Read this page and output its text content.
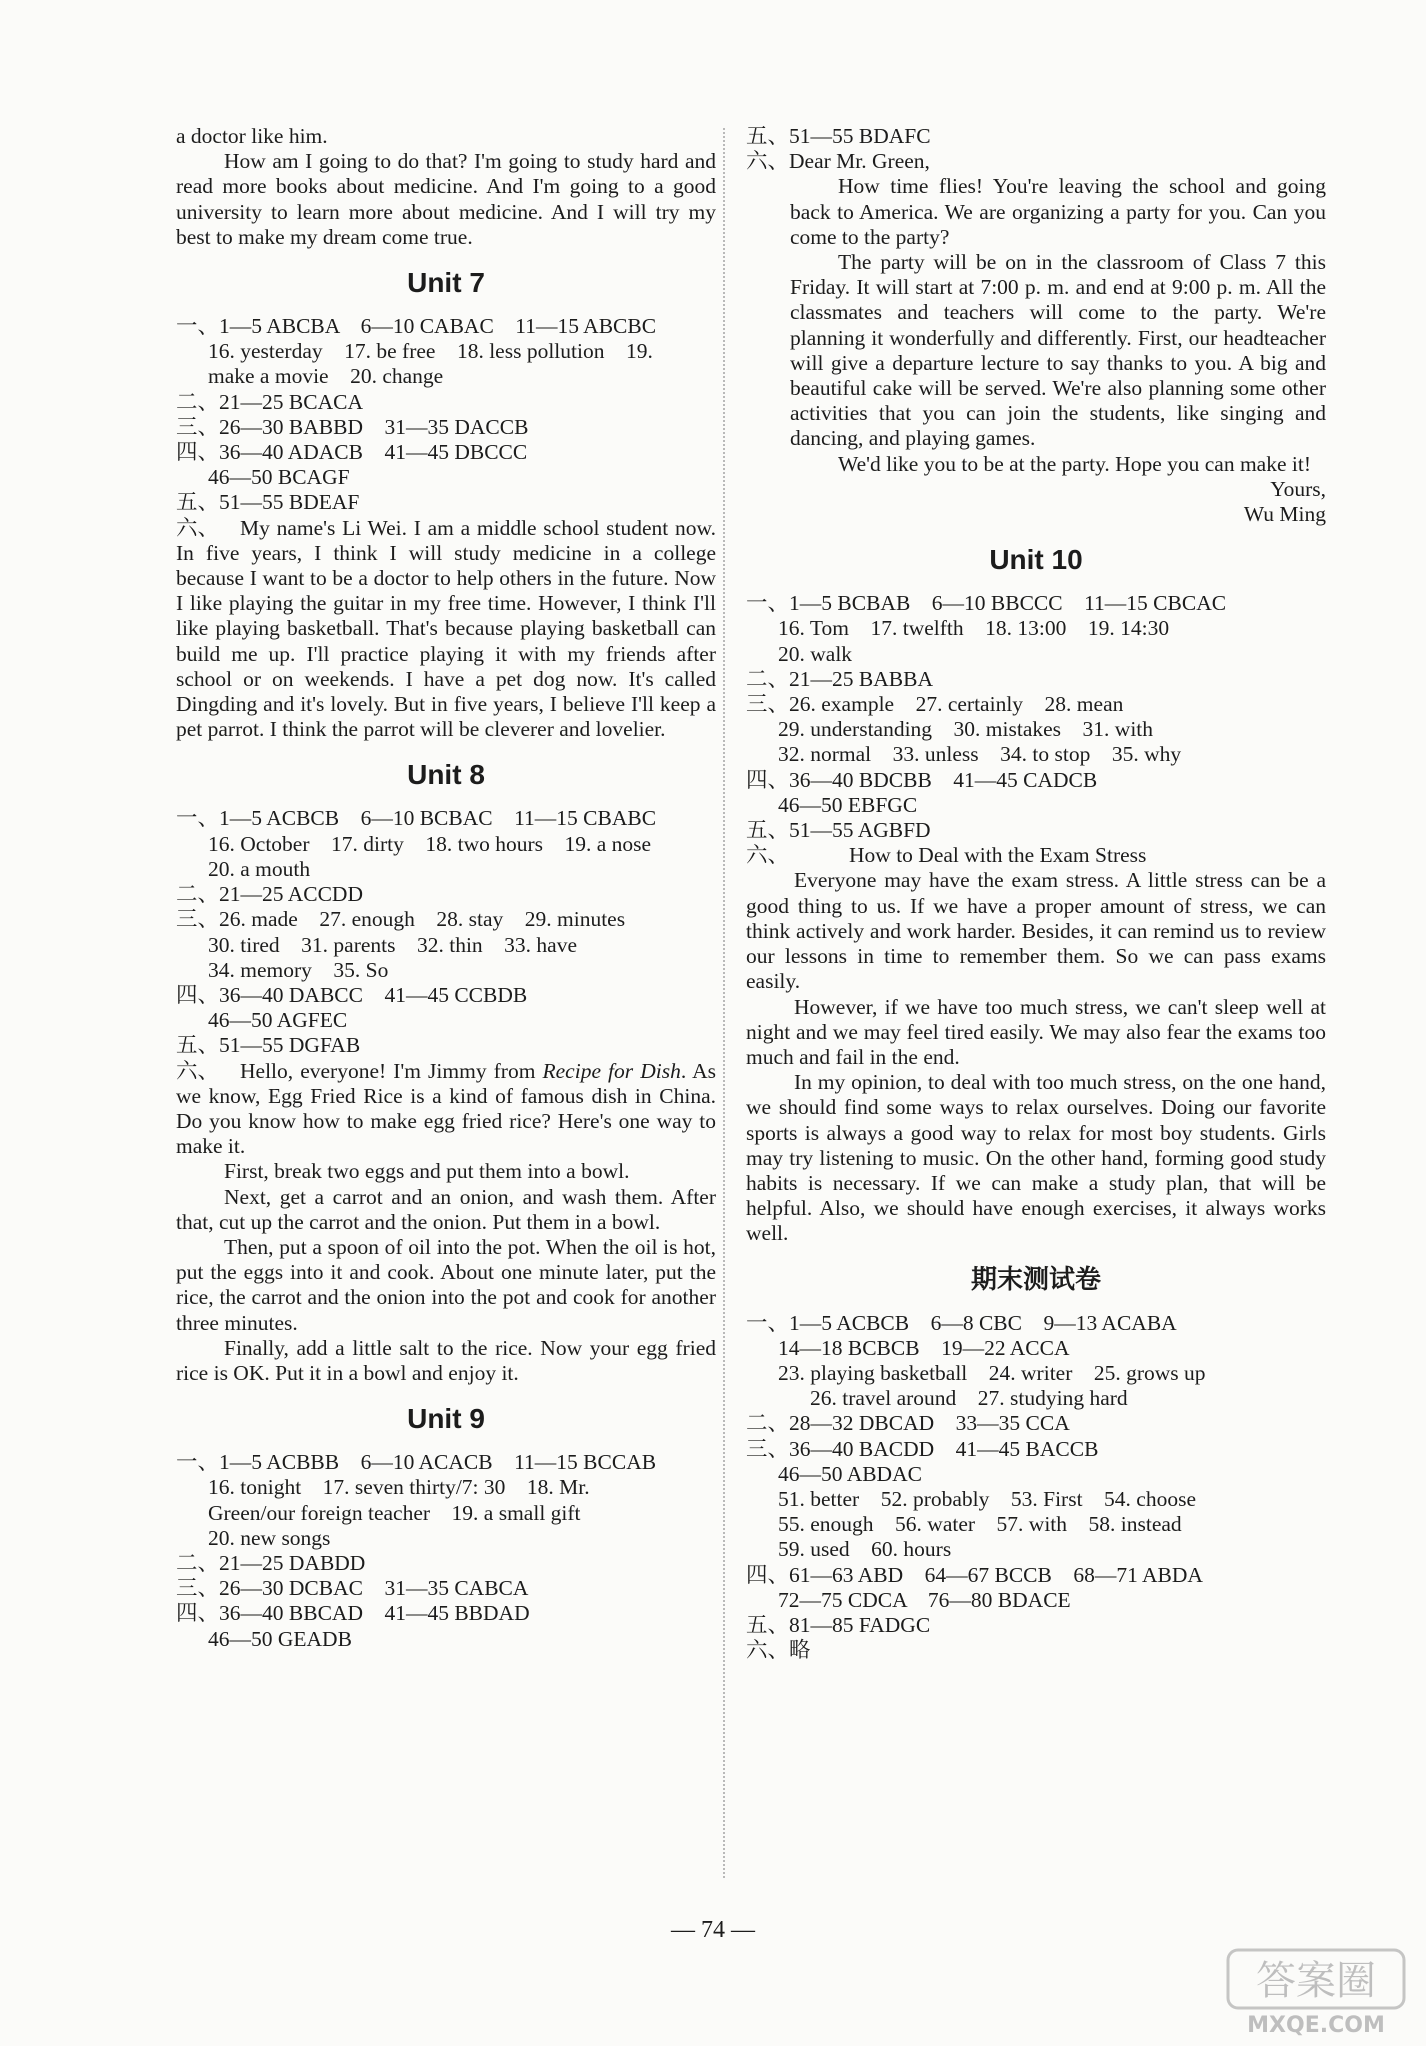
a doctor like him.
How am I going to do that? I'm going to study hard and read more books about medicine. And I'm going to a good university to learn more about medicine. And I will try my best to make my dream come true.
Unit 7
一、 1—5 ABCBA    6—10 CABAC    11—15 ABCBC
16. yesterday    17. be free    18. less pollution    19.
make a movie    20. change
二、 21—25 BCACA
三、 26—30 BABBD    31—35 DACCB
四、 36—40 ADACB    41—45 DBCCC
46—50 BCAGF
五、 51—55 BDEAF
六、 My name's Li Wei. I am a middle school student now. In five years, I think I will study medicine in a college because I want to be a doctor to help others in the future. Now I like playing the guitar in my free time. However, I think I'll like playing basketball. That's because playing basketball can build me up. I'll practice playing it with my friends after school or on weekends. I have a pet dog now. It's called Dingding and it's lovely. But in five years, I believe I'll keep a pet parrot. I think the parrot will be cleverer and lovelier.
Unit 8
一、 1—5 ACBCB    6—10 BCBAC    11—15 CBABC
16. October    17. dirty    18. two hours    19. a nose
20. a mouth
二、 21—25 ACCDD
三、 26. made    27. enough    28. stay    29. minutes
30. tired    31. parents    32. thin    33. have
34. memory    35. So
四、 36—40 DABCC    41—45 CCBDB
46—50 AGFEC
五、 51—55 DGFAB
六、 Hello, everyone! I'm Jimmy from Recipe for Dish. As we know, Egg Fried Rice is a kind of famous dish in China. Do you know how to make egg fried rice? Here's one way to make it.
First, break two eggs and put them into a bowl.
Next, get a carrot and an onion, and wash them. After that, cut up the carrot and the onion. Put them in a bowl.
Then, put a spoon of oil into the pot. When the oil is hot, put the eggs into it and cook. About one minute later, put the rice, the carrot and the onion into the pot and cook for another three minutes.
Finally, add a little salt to the rice. Now your egg fried rice is OK. Put it in a bowl and enjoy it.
Unit 9
一、 1—5 ACBBB    6—10 ACACB    11—15 BCCAB
16. tonight    17. seven thirty/7: 30    18. Mr.
Green/our foreign teacher    19. a small gift
20. new songs
二、 21—25 DABDD
三、 26—30 DCBAC    31—35 CABCA
四、 36—40 BBCAD    41—45 BBDAD
46—50 GEADB
五、 51—55 BDAFC
六、 Dear Mr. Green,
How time flies! You're leaving the school and going back to America. We are organizing a party for you. Can you come to the party?
The party will be on in the classroom of Class 7 this Friday. It will start at 7:00 p. m. and end at 9:00 p. m. All the classmates and teachers will come to the party. We're planning it wonderfully and differently. First, our headteacher will give a departure lecture to say thanks to you. A big and beautiful cake will be served. We're also planning some other activities that you can join the students, like singing and dancing, and playing games.
We'd like you to be at the party. Hope you can make it!
Yours,
Wu Ming
Unit 10
一、 1—5 BCBAB    6—10 BBCCC    11—15 CBCAC
16. Tom    17. twelfth    18. 13:00    19. 14:30
20. walk
二、 21—25 BABBA
三、 26. example    27. certainly    28. mean
29. understanding    30. mistakes    31. with
32. normal    33. unless    34. to stop    35. why
四、 36—40 BDCBB    41—45 CADCB
46—50 EBFGC
五、 51—55 AGBFD
六、	How to Deal with the Exam Stress
Everyone may have the exam stress. A little stress can be a good thing to us. If we have a proper amount of stress, we can think actively and work harder. Besides, it can remind us to review our lessons in time to remember them. So we can pass exams easily.
However, if we have too much stress, we can't sleep well at night and we may feel tired easily. We may also fear the exams too much and fail in the end.
In my opinion, to deal with too much stress, on the one hand, we should find some ways to relax ourselves. Doing our favorite sports is always a good way to relax for most boy students. Girls may try listening to music. On the other hand, forming good study habits is necessary. If we can make a study plan, that will be helpful. Also, we should have enough exercises, it always works well.
期末测试卷
一、 1—5 ACBCB    6—8 CBC    9—13 ACABA
14—18 BCBCB    19—22 ACCA
23. playing basketball    24. writer    25. grows up
26. travel around    27. studying hard
二、 28—32 DBCAD    33—35 CCA
三、 36—40 BACDD    41—45 BACCB
46—50 ABDAC
51. better    52. probably    53. First    54. choose
55. enough    56. water    57. with    58. instead
59. used    60. hours
四、 61—63 ABD    64—67 BCCB    68—71 ABDA
72—75 CDCA    76—80 BDACE
五、 81—85 FADGC
六、 略
— 74 —
答案圈
MXQE.COM
